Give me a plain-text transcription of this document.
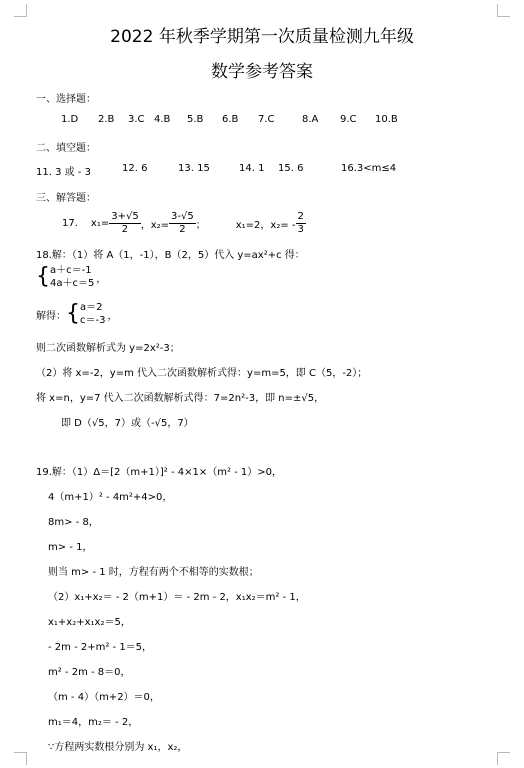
2022 年秋季学期第一次质量检测九年级
数学参考答案
一、选择题：
1.D 2.B 3.C 4.B 5.B 6.B 7.C	8.A 9.C 10.B
二、填空题：
11. 3 或 - 3	12. 6	13. 15	14. 1 15. 6	16.3<m≤4
三、解答题：
17. $x_1= \frac{3+√5}{2}$ ，$x_2= \frac{3-√5}{2}$ ；	x₁=2，$x_2= - \frac{2}{3}$
18.解：（1）将 A（1，-1），B（2，5）代入 y=ax²+c 得：
{ a＋c＝-1
4a＋c＝5 ，
解得： { a＝2
c＝-3 ，
则二次函数解析式为 y=2x²-3；
（2）将 x=-2，y=m 代入二次函数解析式得：y=m=5，即 C（5，-2）；
将 x=n，y=7 代入二次函数解析式得：7=2n²-3，即 n=±√5，
即 D（√5，7）或（-√5，7）
19.解：（1）Δ＝[2（m+1）]² - 4×1×（m² - 1）>0，
4（m+1）² - 4m²+4>0，
8m> - 8，
m> - 1，
则当 m> - 1 时，方程有两个不相等的实数根；
（2）x₁+x₂＝ - 2（m+1）＝ - 2m - 2，x₁x₂＝m² - 1，
x₁+x₂+x₁x₂＝5，
- 2m - 2+m² - 1＝5，
m² - 2m - 8＝0，
（m - 4）（m+2）＝0，
m₁＝4，m₂＝ - 2，
∵方程两实数根分别为 x₁，x₂，
